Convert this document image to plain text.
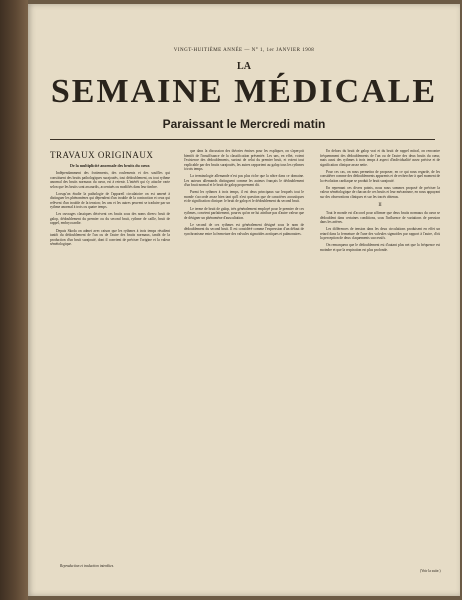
VINGT-HUITIÈME ANNÉE — N° 1, 1er JANVIER 1908
LA
SEMAINE MÉDICALE
Paraissant le Mercredi matin
TRAVAUX ORIGINAUX
De la multiplicité anormale des bruits du cœur.

Indépendamment des frottements, des roulements et des souffles qui constituent des bruits pathologiques surajoutés, tout dédoublement, ou tout rythme anormal des bruits normaux du cœur, est à retenir. L'intérêt qui s'y attache varie selon que les bruits sont assourdis, accentués ou modifiés dans leur timbre.

Lorsqu'on étudie la pathologie de l'appareil circulatoire on est amené à distinguer les phénomènes qui dépendent d'un trouble de la contraction et ceux qui relèvent d'un trouble de la tension; les uns et les autres peuvent se traduire par un rythme anormal à trois ou quatre temps.

Les ouvrages classiques décrivent ces bruits sous des noms divers: bruit de galop, dédoublement du premier ou du second bruit, rythme de caille, bruit de rappel, embryocardie.

Depuis Skoda on admet avec raison que les rythmes à trois temps résultent tantôt du dédoublement de l'un ou de l'autre des bruits normaux, tantôt de la production d'un bruit surajouté, dont il convient de préciser l'origine et la valeur séméiologique.

que dans la discussion des théories émises pour les expliquer, on s'aperçoit bientôt de l'insuffisance de la classification présentée. Les uns, en effet, voient l'existence des dédoublements, surtout de celui du premier bruit, et voient tout explicable par des bruits surajoutés, les autres rapportent au galop tous les rythmes à trois temps.

La terminologie allemande n'est pas plus riche que la nôtre dans ce domaine. Les auteurs allemands distinguent comme les auteurs français le dédoublement d'un bruit normal et le bruit de galop proprement dit.

Parmi les rythmes à trois temps, il est deux principaux sur lesquels tout le monde s'accorde assez bien tant qu'il n'est question que de caractères acoustiques et de signification clinique: le bruit de galop et le dédoublement du second bruit.

Le terme de bruit de galop, très généralement employé pour le premier de ces rythmes, convient parfaitement, pourvu qu'on ne lui attribue pas d'autre valeur que de désigner un phénomène d'auscultation.

Le second de ces rythmes est généralement désigné sous le nom de dédoublement du second bruit. Il est considéré comme l'expression d'un défaut de synchronisme entre la fermeture des valvules sigmoïdes aortiques et pulmonaires.

En dehors du bruit de galop vrai et du bruit de rappel mitral, on rencontre fréquemment des dédoublements de l'un ou de l'autre des deux bruits du cœur, mais aussi des rythmes à trois temps à aspect d'individualité assez précise et de signification clinique assez nette.

Pour ces cas, on nous permettra de proposer, en ce qui nous regarde, de les considérer comme des dédoublements apparents et de rechercher à quel moment de la révolution cardiaque se produit le bruit surajouté.

En reprenant ces divers points, nous nous sommes proposé de préciser la valeur séméiologique de chacun de ces bruits et leur mécanisme, en nous appuyant sur des observations cliniques et sur les tracés obtenus.

II

Tout le monde est d'accord pour affirmer que deux bruits normaux du cœur se dédoublent dans certaines conditions, sous l'influence de variations de pression dans les artères.

Les différences de tension dans les deux circulations produisent en effet un retard dans la fermeture de l'une des valvules sigmoïdes par rapport à l'autre, d'où la perception de deux claquements successifs.

On remarquera que le dédoublement est d'autant plus net que la fréquence est moindre et que la respiration est plus profonde.

Reproduction et traduction interdites.
(Voir la suite.)
